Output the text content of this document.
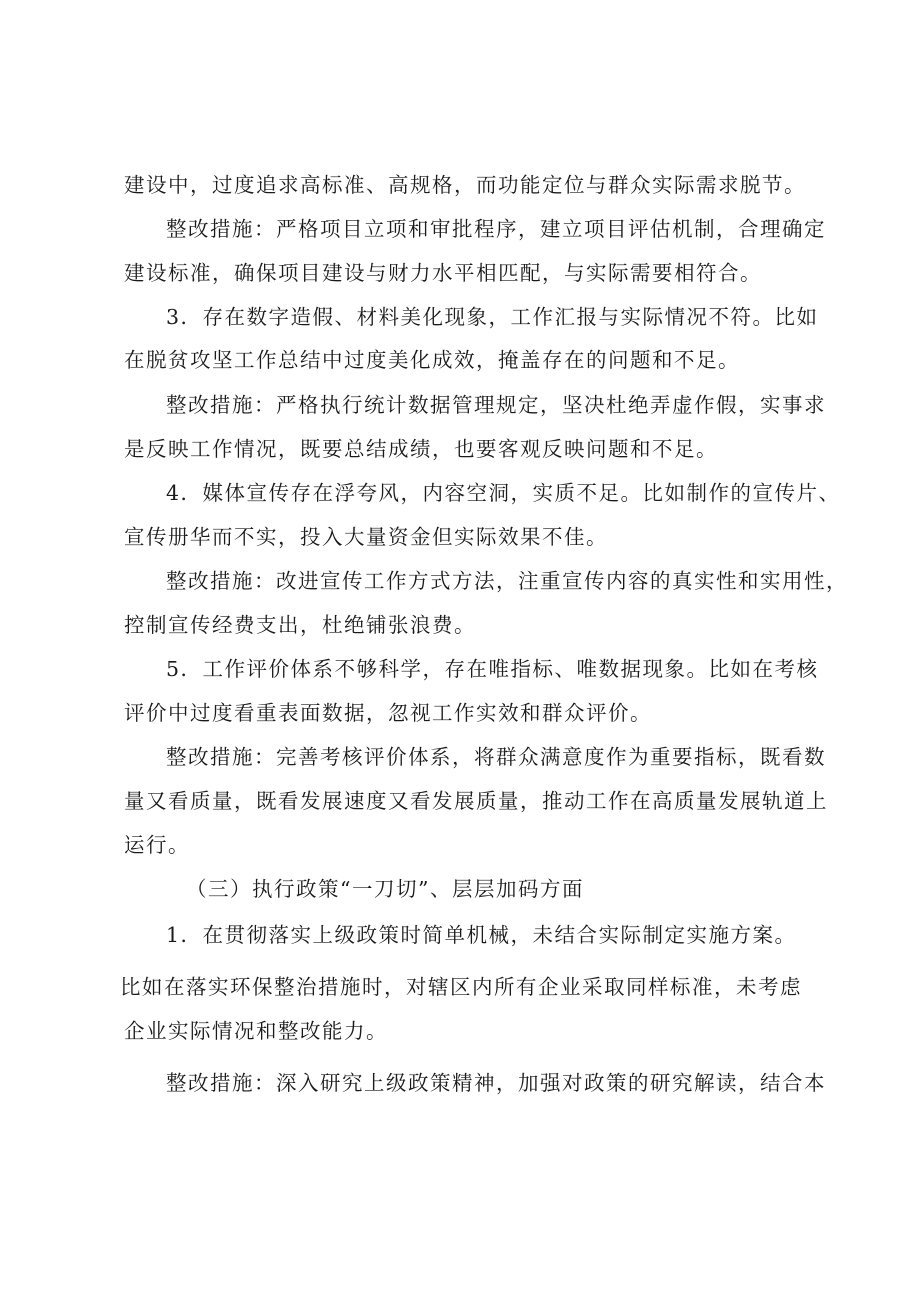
建设中，过度追求高标准、高规格，而功能定位与群众实际需求脱节。
整改措施：严格项目立项和审批程序，建立项目评估机制，合理确定
建设标准，确保项目建设与财力水平相匹配，与实际需要相符合。
3．存在数字造假、材料美化现象，工作汇报与实际情况不符。比如
在脱贫攻坚工作总结中过度美化成效，掩盖存在的问题和不足。
整改措施：严格执行统计数据管理规定，坚决杜绝弄虚作假，实事求
是反映工作情况，既要总结成绩，也要客观反映问题和不足。
4．媒体宣传存在浮夸风，内容空洞，实质不足。比如制作的宣传片、
宣传册华而不实，投入大量资金但实际效果不佳。
整改措施：改进宣传工作方式方法，注重宣传内容的真实性和实用性，
控制宣传经费支出，杜绝铺张浪费。
5．工作评价体系不够科学，存在唯指标、唯数据现象。比如在考核
评价中过度看重表面数据，忽视工作实效和群众评价。
整改措施：完善考核评价体系，将群众满意度作为重要指标，既看数
量又看质量，既看发展速度又看发展质量，推动工作在高质量发展轨道上
运行。
（三）执行政策“一刀切”、层层加码方面
1．在贯彻落实上级政策时简单机械，未结合实际制定实施方案。
比如在落实环保整治措施时，对辖区内所有企业采取同样标准，未考虑
企业实际情况和整改能力。
整改措施：深入研究上级政策精神，加强对政策的研究解读，结合本
